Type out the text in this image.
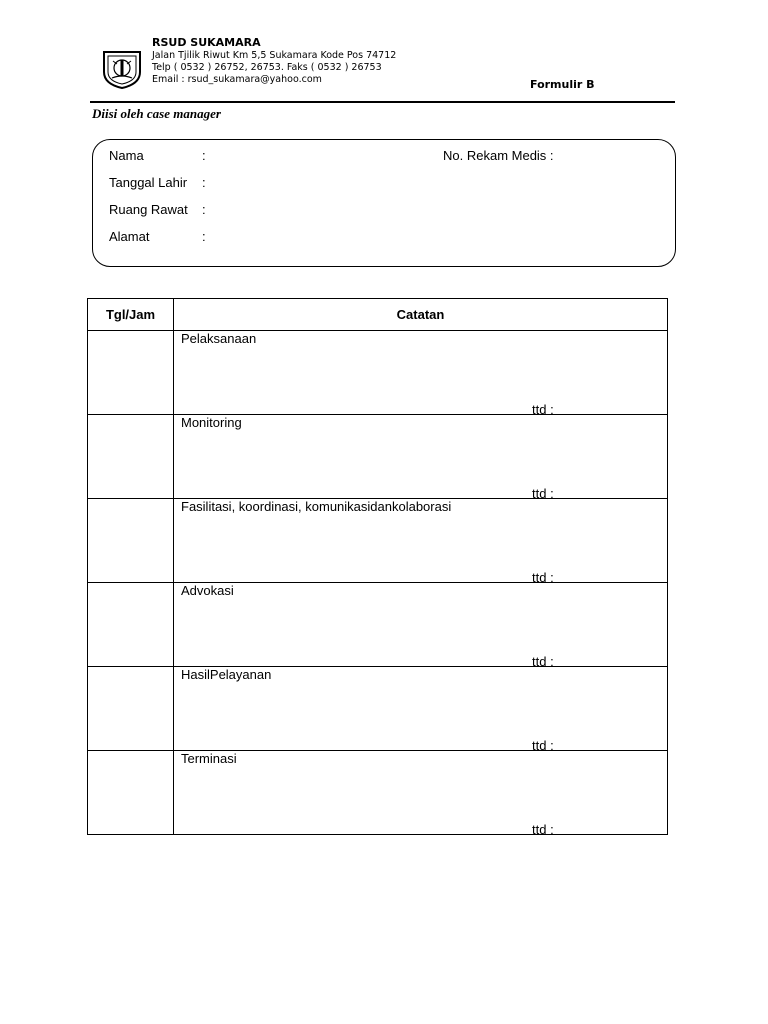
RSUD SUKAMARA
Jalan Tjilik Riwut Km 5,5 Sukamara Kode Pos 74712
Telp ( 0532 ) 26752, 26753. Faks ( 0532 ) 26753
Email : rsud_sukamara@yahoo.com	Formulir B
Diisi oleh case manager
Nama	:
Tanggal Lahir :
Ruang Rawat :
Alamat	:
No. Rekam Medis :
Tgl/Jam	Catatan

	Pelaksanaan
ttd :

	Monitoring
ttd :

	Fasilitasi, koordinasi, komunikasidankolaborasi
ttd :

	Advokasi
ttd :

	HasilPelayanan
ttd :

	Terminasi
ttd :
